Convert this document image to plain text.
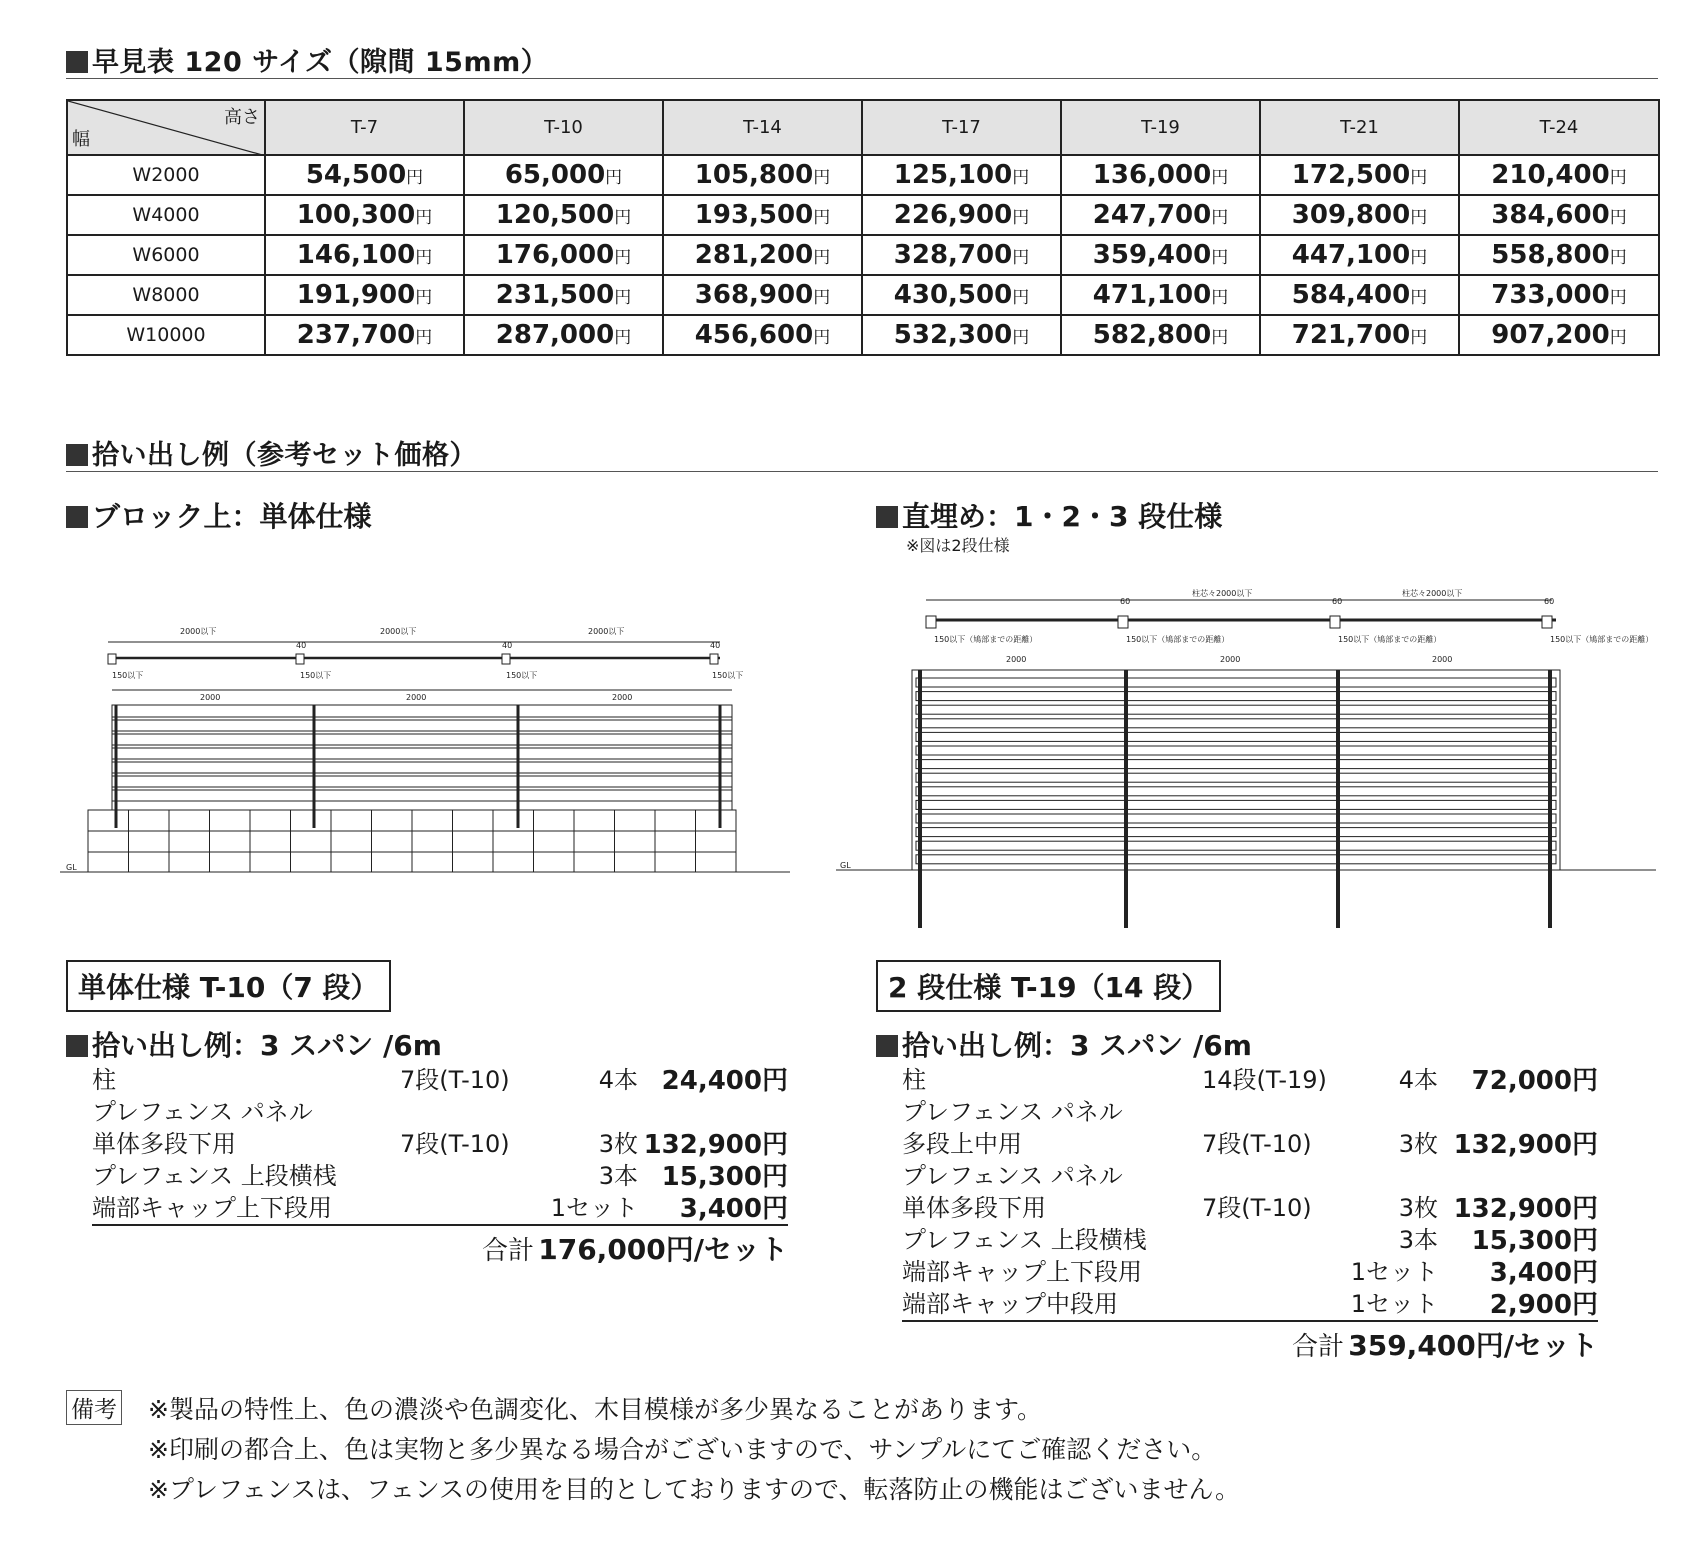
早見表 120 サイズ（隙間 15mm）
高さ
幅	T-7	T-10	T-14	T-17	T-19	T-21	T-24
W2000	54,500円	65,000円	105,800円	125,100円	136,000円	172,500円	210,400円
W4000	100,300円	120,500円	193,500円	226,900円	247,700円	309,800円	384,600円
W6000	146,100円	176,000円	281,200円	328,700円	359,400円	447,100円	558,800円
W8000	191,900円	231,500円	368,900円	430,500円	471,100円	584,400円	733,000円
W10000	237,700円	287,000円	456,600円	532,300円	582,800円	721,700円	907,200円
拾い出し例（参考セット価格）
ブロック上：単体仕様	直埋め：1・2・3 段仕様
※図は2段仕様
2000以下	2000以下	2000以下
40	40	40
150以下	150以下	150以下	150以下
2000	2000	2000
GL
柱芯々2000以下	柱芯々2000以下
60	60	60
150以下（鳩部までの距離）	150以下（鳩部までの距離）	150以下（鳩部までの距離）	150以下（鳩部までの距離）
2000	2000	2000
GL
単体仕様 T-10（7 段）	2 段仕様 T-19（14 段）
拾い出し例：3 スパン /6m	拾い出し例：3 スパン /6m
柱	7段(T-10)	4本 24,400円
プレフェンス パネル
単体多段下用	7段(T-10)	3枚 132,900円
プレフェンス 上段横桟	3本 15,300円
端部キャップ上下段用	1セット 3,400円
合計 176,000円/セット
柱	14段(T-19)	4本 72,000円
プレフェンス パネル
多段上中用	7段(T-10)	3枚 132,900円
プレフェンス パネル
単体多段下用	7段(T-10)	3枚 132,900円
プレフェンス 上段横桟	3本 15,300円
端部キャップ上下段用	1セット 3,400円
端部キャップ中段用	1セット 2,900円
合計 359,400円/セット
備考 ※製品の特性上、色の濃淡や色調変化、木目模様が多少異なることがあります。
※印刷の都合上、色は実物と多少異なる場合がございますので、サンプルにてご確認ください。
※プレフェンスは、フェンスの使用を目的としておりますので、転落防止の機能はございません。
